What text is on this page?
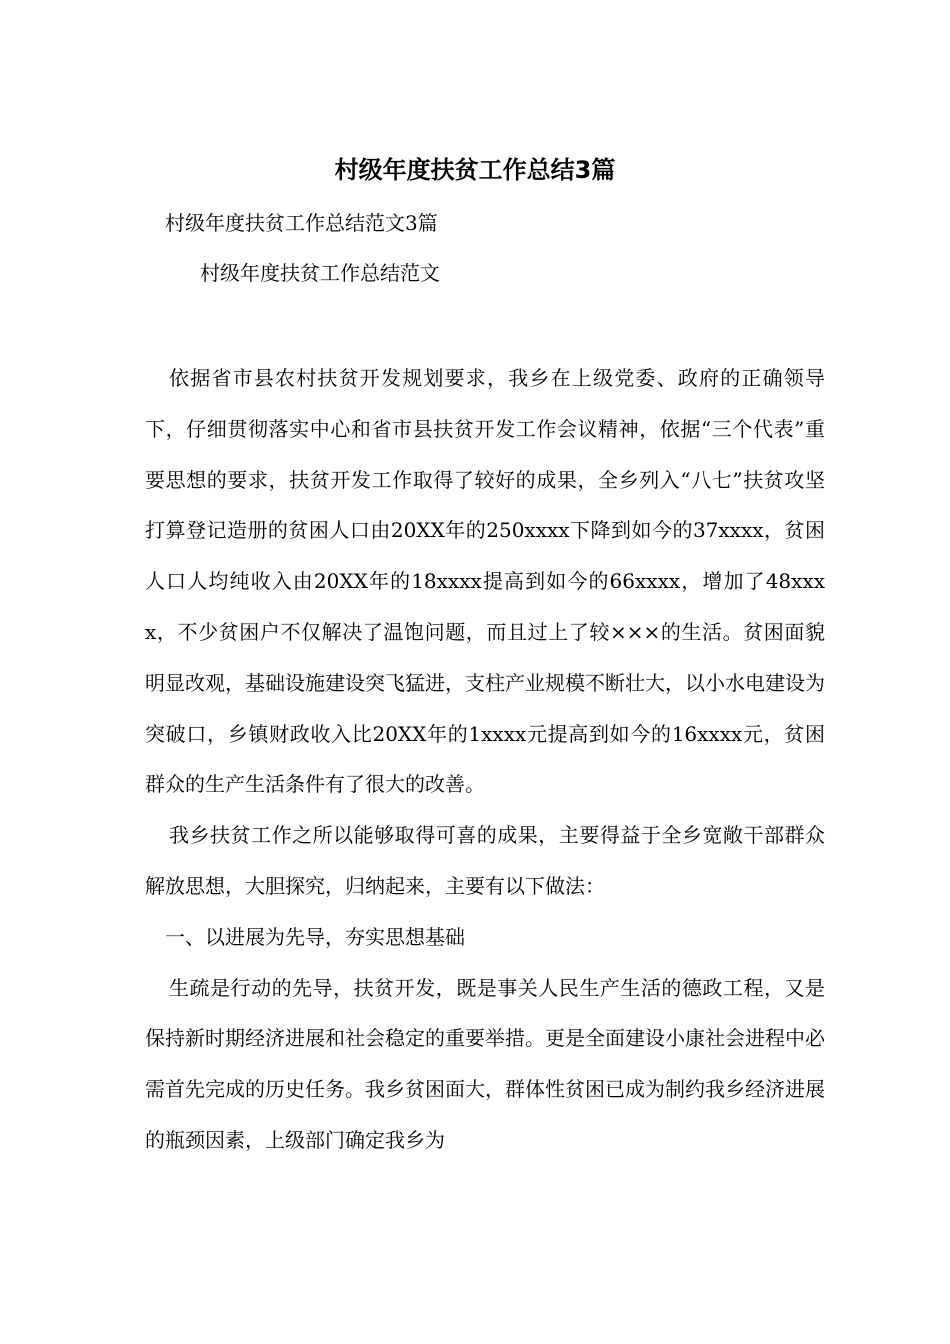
村级年度扶贫工作总结3篇

村级年度扶贫工作总结范文3篇

村级年度扶贫工作总结范文

依据省市县农村扶贫开发规划要求，我乡在上级党委、政府的正确领导下，仔细贯彻落实中心和省市县扶贫开发工作会议精神，依据“三个代表”重要思想的要求，扶贫开发工作取得了较好的成果，全乡列入“八七”扶贫攻坚打算登记造册的贫困人口由20XX年的250xxxx下降到如今的37xxxx，贫困人口人均纯收入由20XX年的18xxxx提高到如今的66xxxx，增加了48xxxx，不少贫困户不仅解决了温饱问题，而且过上了较×××的生活。贫困面貌明显改观，基础设施建设突飞猛进，支柱产业规模不断壮大，以小水电建设为突破口，乡镇财政收入比20XX年的1xxxx元提高到如今的16xxxx元，贫困群众的生产生活条件有了很大的改善。

我乡扶贫工作之所以能够取得可喜的成果，主要得益于全乡宽敞干部群众解放思想，大胆探究，归纳起来，主要有以下做法：

一、以进展为先导，夯实思想基础

生疏是行动的先导，扶贫开发，既是事关人民生产生活的德政工程，又是保持新时期经济进展和社会稳定的重要举措。更是全面建设小康社会进程中必需首先完成的历史任务。我乡贫困面大，群体性贫困已成为制约我乡经济进展的瓶颈因素，上级部门确定我乡为
